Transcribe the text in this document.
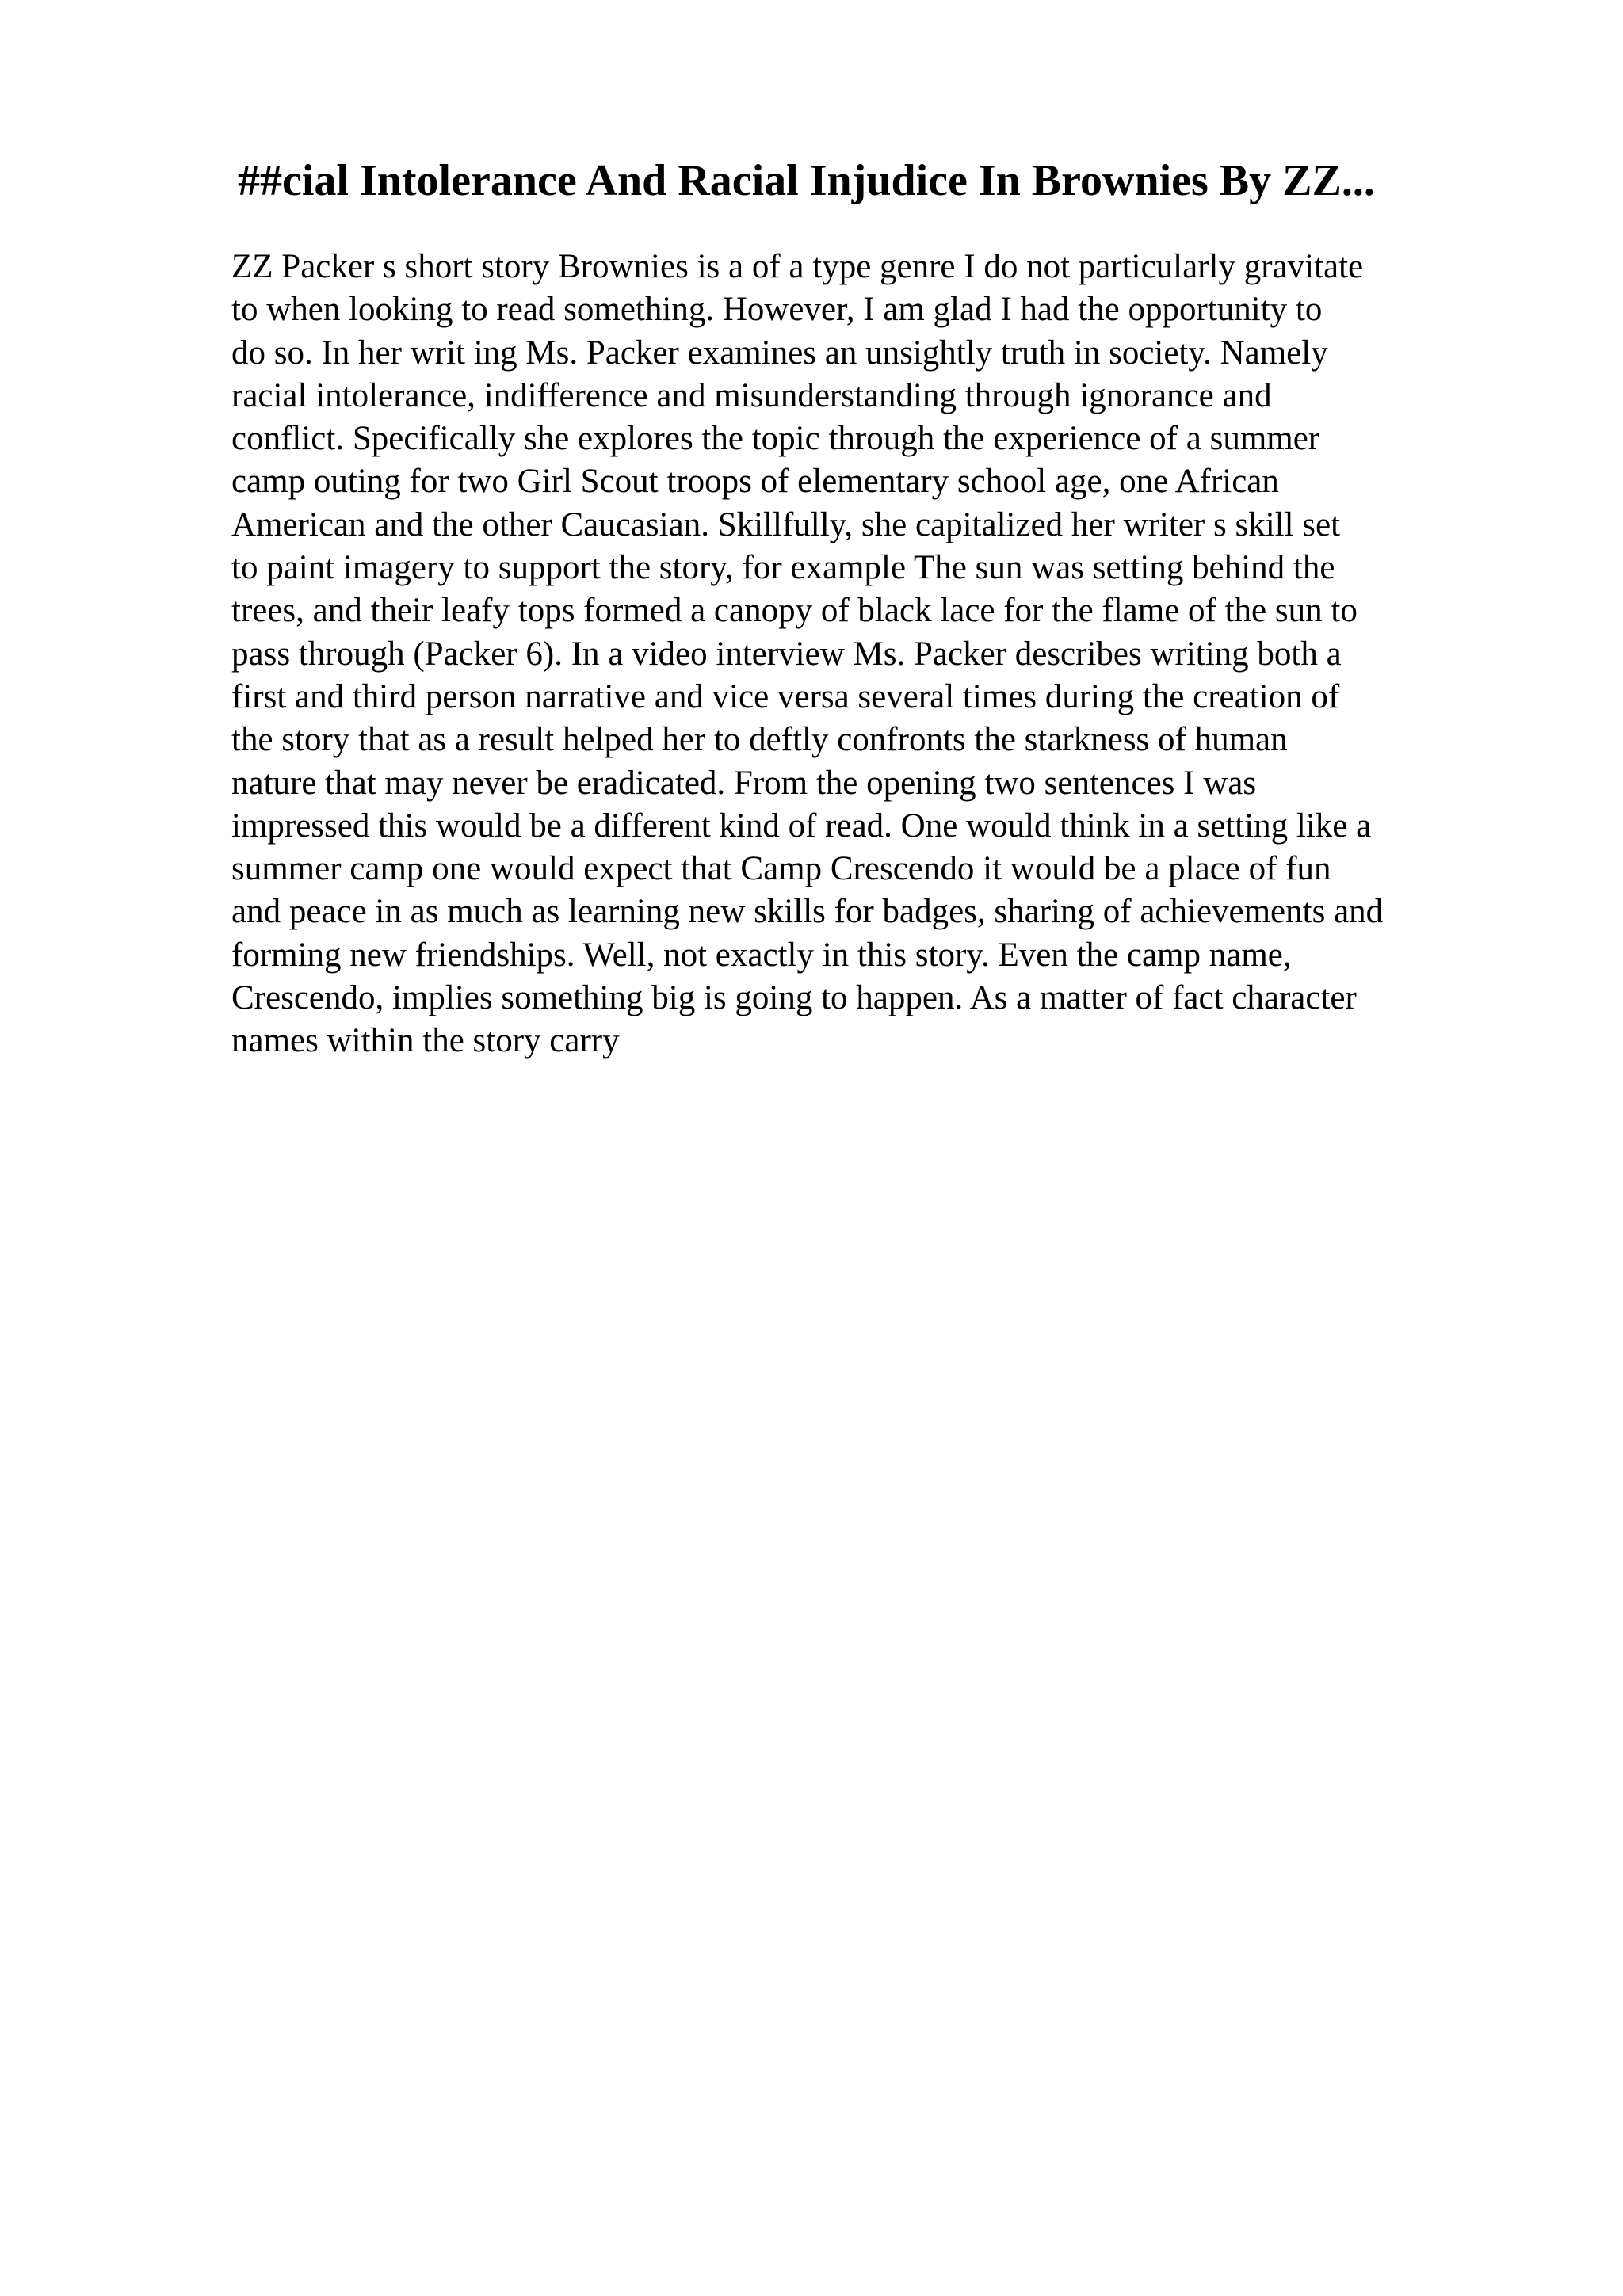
##cial Intolerance And Racial Injudice In Brownies By ZZ...
ZZ Packer s short story Brownies is a of a type genre I do not particularly gravitate
to when looking to read something. However, I am glad I had the opportunity to
do so. In her writ ing Ms. Packer examines an unsightly truth in society. Namely
racial intolerance, indifference and misunderstanding through ignorance and
conflict. Specifically she explores the topic through the experience of a summer
camp outing for two Girl Scout troops of elementary school age, one African
American and the other Caucasian. Skillfully, she capitalized her writer s skill set
to paint imagery to support the story, for example The sun was setting behind the
trees, and their leafy tops formed a canopy of black lace for the flame of the sun to
pass through (Packer 6). In a video interview Ms. Packer describes writing both a
first and third person narrative and vice versa several times during the creation of
the story that as a result helped her to deftly confronts the starkness of human
nature that may never be eradicated. From the opening two sentences I was
impressed this would be a different kind of read. One would think in a setting like a
summer camp one would expect that Camp Crescendo it would be a place of fun
and peace in as much as learning new skills for badges, sharing of achievements and
forming new friendships. Well, not exactly in this story. Even the camp name,
Crescendo, implies something big is going to happen. As a matter of fact character
names within the story carry
